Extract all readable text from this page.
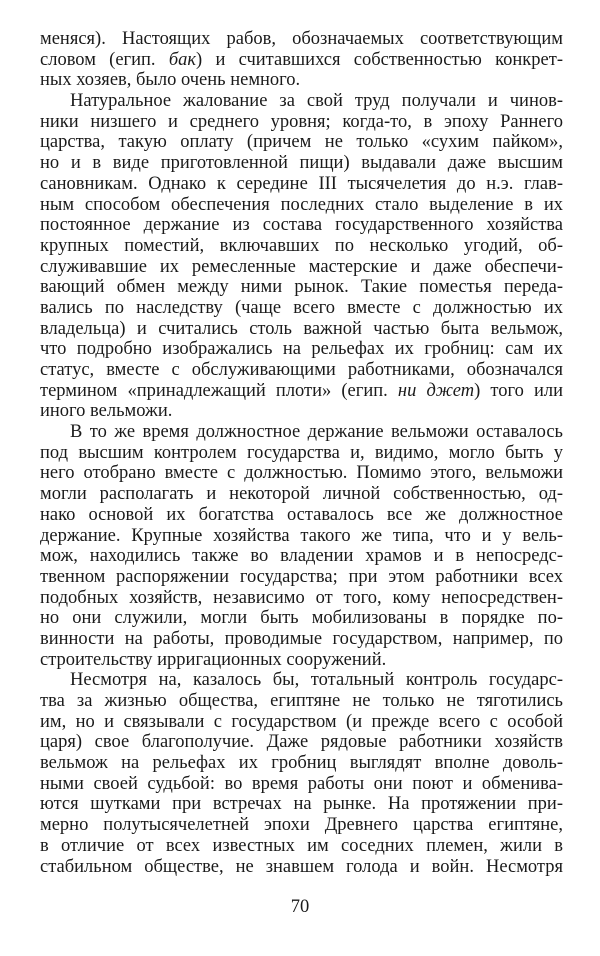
меняся). Настоящих рабов, обозначаемых соответствующим
словом (егип. бак) и считавшихся собственностью конкрет-
ных хозяев, было очень немного.
Натуральное жалование за свой труд получали и чинов-
ники низшего и среднего уровня; когда-то, в эпоху Раннего
царства, такую оплату (причем не только «сухим пайком»,
но и в виде приготовленной пищи) выдавали даже высшим
сановникам. Однако к середине III тысячелетия до н.э. глав-
ным способом обеспечения последних стало выделение в их
постоянное держание из состава государственного хозяйства
крупных поместий, включавших по несколько угодий, об-
служивавшие их ремесленные мастерские и даже обеспечи-
вающий обмен между ними рынок. Такие поместья переда-
вались по наследству (чаще всего вместе с должностью их
владельца) и считались столь важной частью быта вельмож,
что подробно изображались на рельефах их гробниц: сам их
статус, вместе с обслуживающими работниками, обозначался
термином «принадлежащий плоти» (егип. ни джет) того или
иного вельможи.
В то же время должностное держание вельможи оставалось
под высшим контролем государства и, видимо, могло быть у
него отобрано вместе с должностью. Помимо этого, вельможи
могли располагать и некоторой личной собственностью, од-
нако основой их богатства оставалось все же должностное
держание. Крупные хозяйства такого же типа, что и у вель-
мож, находились также во владении храмов и в непосредс-
твенном распоряжении государства; при этом работники всех
подобных хозяйств, независимо от того, кому непосредствен-
но они служили, могли быть мобилизованы в порядке по-
винности на работы, проводимые государством, например, по
строительству ирригационных сооружений.
Несмотря на, казалось бы, тотальный контроль государс-
тва за жизнью общества, египтяне не только не тяготились
им, но и связывали с государством (и прежде всего с особой
царя) свое благополучие. Даже рядовые работники хозяйств
вельмож на рельефах их гробниц выглядят вполне доволь-
ными своей судьбой: во время работы они поют и обменива-
ются шутками при встречах на рынке. На протяжении при-
мерно полутысячелетней эпохи Древнего царства египтяне,
в отличие от всех известных им соседних племен, жили в
стабильном обществе, не знавшем голода и войн. Несмотря
70
